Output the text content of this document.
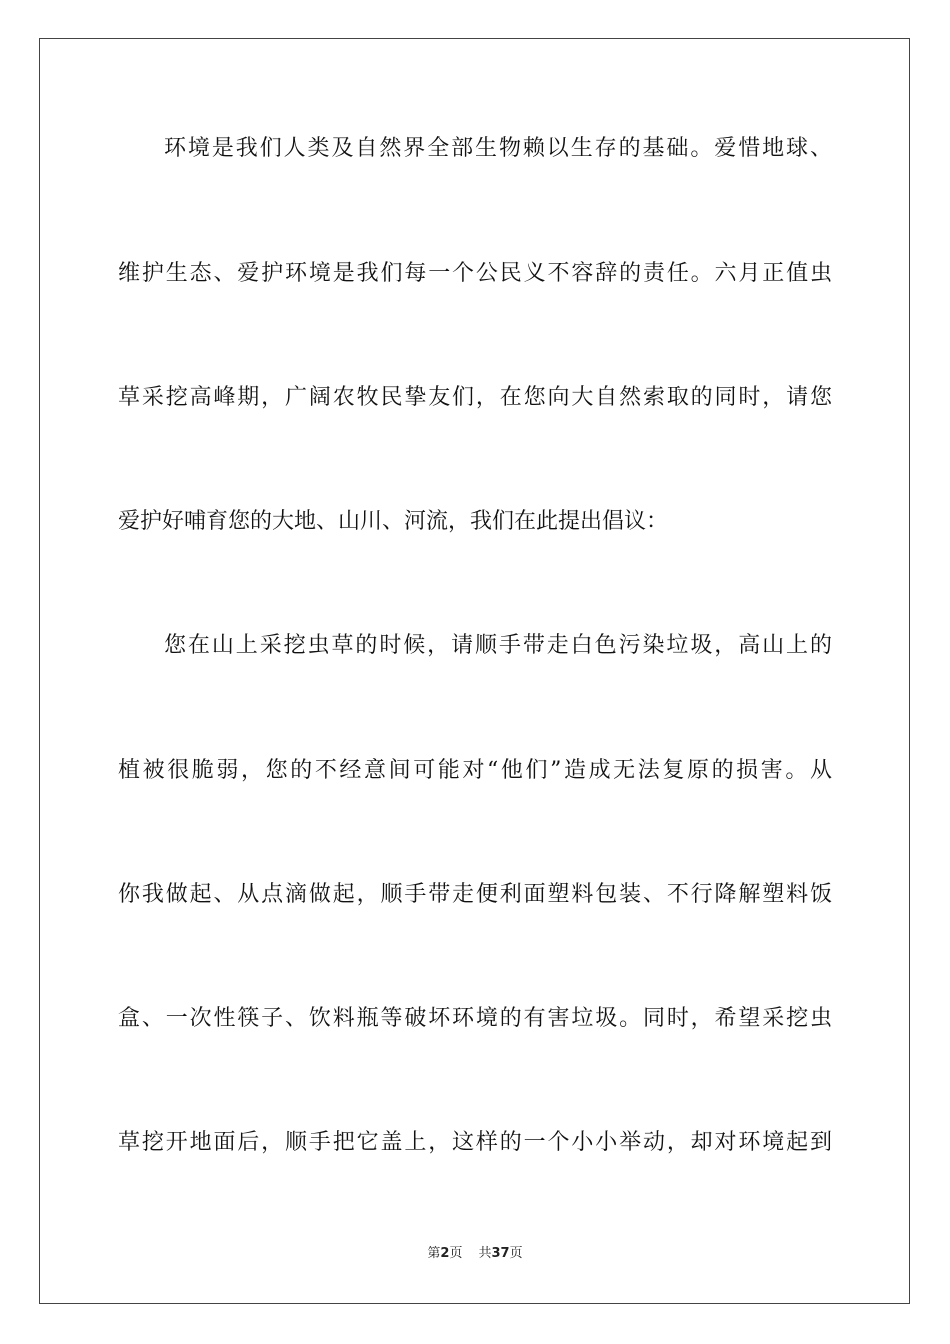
环境是我们人类及自然界全部生物赖以生存的基础。爱惜地球、
维护生态、爱护环境是我们每一个公民义不容辞的责任。六月正值虫
草采挖高峰期，广阔农牧民挚友们，在您向大自然索取的同时，请您
爱护好哺育您的大地、山川、河流，我们在此提出倡议：
您在山上采挖虫草的时候，请顺手带走白色污染垃圾，高山上的
植被很脆弱，您的不经意间可能对“他们”造成无法复原的损害。从
你我做起、从点滴做起，顺手带走便利面塑料包装、不行降解塑料饭
盒、一次性筷子、饮料瓶等破坏环境的有害垃圾。同时，希望采挖虫
草挖开地面后，顺手把它盖上，这样的一个小小举动，却对环境起到
第2页 共37页
